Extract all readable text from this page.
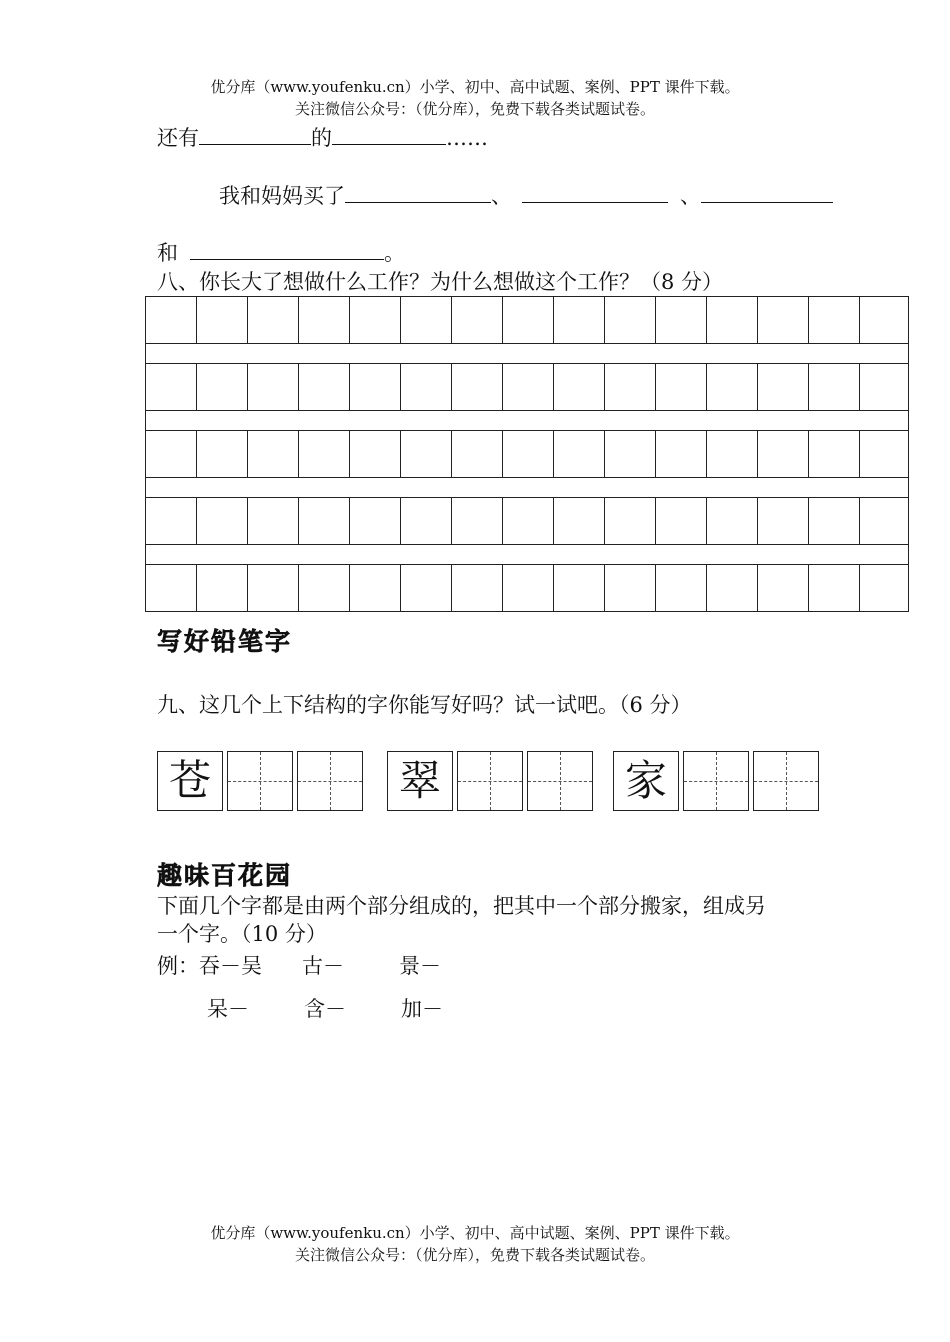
优分库（www.youfenku.cn）小学、初中、高中试题、案例、PPT 课件下载。
关注微信公众号：（优分库），免费下载各类试题试卷。
还有	的	……
我和妈妈买了	、	、
和	。
八、你长大了想做什么工作？为什么想做这个工作？（8 分）

写好铅笔字
九、这几个上下结构的字你能写好吗？试一试吧。（6 分）
苍	翠	家
趣味百花园
下面几个字都是由两个部分组成的，把其中一个部分搬家，组成另
一个字。（10 分）
例：吞－吴 古－	景－
呆－	含－	加－
优分库（www.youfenku.cn）小学、初中、高中试题、案例、PPT 课件下载。
关注微信公众号：（优分库），免费下载各类试题试卷。
